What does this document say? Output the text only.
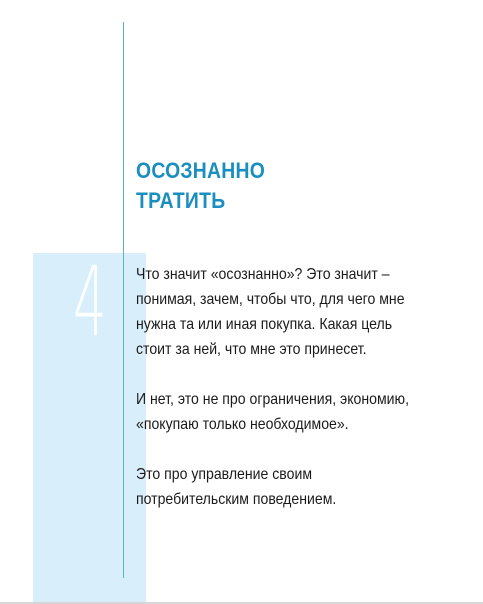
4
ОСОЗНАННО
ТРАТИТЬ

Что значит «осознанно»? Это значит –
понимая, зачем, чтобы что, для чего мне
нужна та или иная покупка. Какая цель
стоит за ней, что мне это принесет.

И нет, это не про ограничения, экономию,
«покупаю только необходимое».

Это про управление своим
потребительским поведением.
